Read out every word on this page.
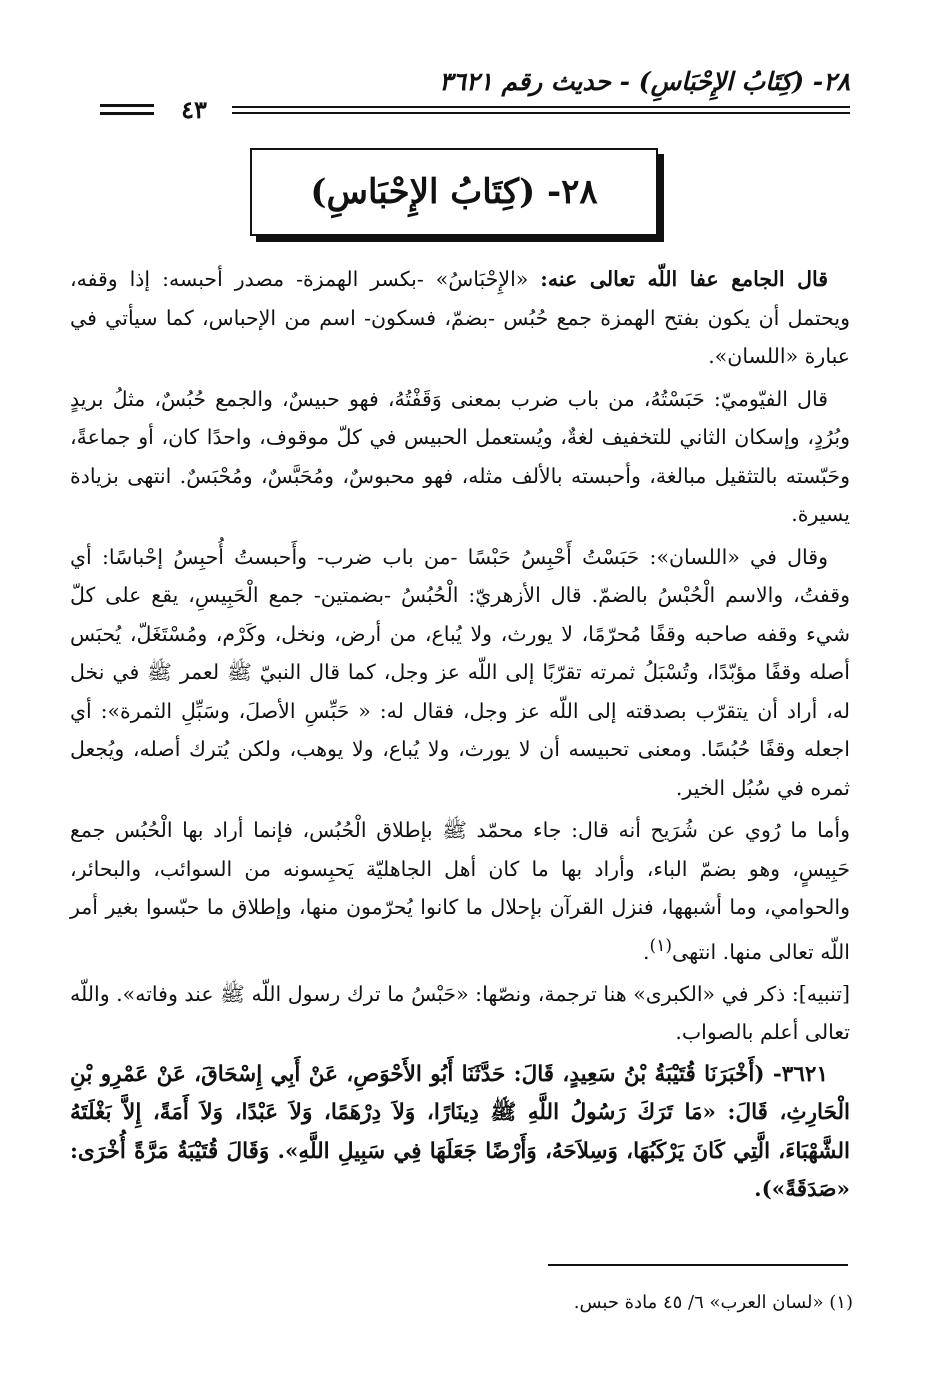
٢٨- (كِتَابُ الإِحْبَاسِ) - حديث رقم ٣٦٢١
٤٣
٢٨- (كِتَابُ الإِحْبَاسِ)

قال الجامع عفا اللّه تعالى عنه: «الإِحْبَاسُ» -بكسر الهمزة- مصدر أحبسه: إذا وقفه، ويحتمل أن يكون بفتح الهمزة جمع حُبُس -بضمّ، فسكون- اسم من الإحباس، كما سيأتي في عبارة «اللسان».

قال الفيّوميّ: حَبَسْتُهُ، من باب ضرب بمعنى وَقَفْتُهُ، فهو حبيسٌ، والجمع حُبُسٌ، مثلُ بريدٍ وبُرُدٍ، وإسكان الثاني للتخفيف لغةٌ، ويُستعمل الحبيس في كلّ موقوف، واحدًا كان، أو جماعةً، وحَبّسته بالتثقيل مبالغة، وأحبسته بالألف مثله، فهو محبوسٌ، ومُحَبَّسٌ، ومُحْبَسٌ. انتهى بزيادة يسيرة.

وقال في «اللسان»: حَبَسْتُ أَحْبِسُ حَبْسًا -من باب ضرب- وأَحبستُ أُحبِسُ إحْباسًا: أي وقفتُ، والاسم الْحُبْسُ بالضمّ. قال الأزهريّ: الْحُبُسُ -بضمتين- جمع الْحَبِيسِ، يقع على كلّ شيء وقفه صاحبه وقفًا مُحرّمًا، لا يورث، ولا يُباع، من أرض، ونخل، وكَرْم، ومُسْتَغَلّ، يُحبَس أصله وقفًا مؤبّدًا، وتُسْبَلُ ثمرته تقرّبًا إلى اللّه عز وجل، كما قال النبيّ ﷺ لعمر ﷺ في نخل له، أراد أن يتقرّب بصدقته إلى اللّه عز وجل، فقال له: « حَبِّسِ الأصلَ، وسَبِّلِ الثمرة»: أي اجعله وقفًا حُبُسًا. ومعنى تحبيسه أن لا يورث، ولا يُباع، ولا يوهب، ولكن يُترك أصله، ويُجعل ثمره في سُبُل الخير.

وأما ما رُوي عن شُرَيح أنه قال: جاء محمّد ﷺ بإطلاق الْحُبُس، فإنما أراد بها الْحُبُس جمع حَبِيسٍ، وهو بضمّ الباء، وأراد بها ما كان أهل الجاهليّة يَحبِسونه من السوائب، والبحائر، والحوامي، وما أشبهها، فنزل القرآن بإحلال ما كانوا يُحرّمون منها، وإطلاق ما حبّسوا بغير أمر اللّه تعالى منها. انتهى$^{(١)}$.

[تنبيه]: ذكر في «الكبرى» هنا ترجمة، ونصّها: «حَبْسُ ما ترك رسول اللّه ﷺ عند وفاته». واللّه تعالى أعلم بالصواب.

٣٦٢١- (أَخْبَرَنَا قُتَيْبَةُ بْنُ سَعِيدٍ، قَالَ: حَدَّثَنَا أَبُو الأَحْوَصِ، عَنْ أَبِي إِسْحَاقَ، عَنْ عَمْرِو بْنِ الْحَارِثِ، قَالَ: «مَا تَرَكَ رَسُولُ اللَّهِ ﷺ دِينَارًا، وَلاَ دِرْهَمًا، وَلاَ عَبْدًا، وَلاَ أَمَةً، إِلاَّ بَغْلَتَهُ الشَّهْبَاءَ، الَّتِي كَانَ يَرْكَبُهَا، وَسِلاَحَهُ، وَأَرْضًا جَعَلَهَا فِي سَبِيلِ اللَّهِ». وَقَالَ قُتَيْبَةُ مَرَّةً أُخْرَى: «صَدَقَةً»).

(١) «لسان العرب» ٦/ ٤٥ مادة حبس.
